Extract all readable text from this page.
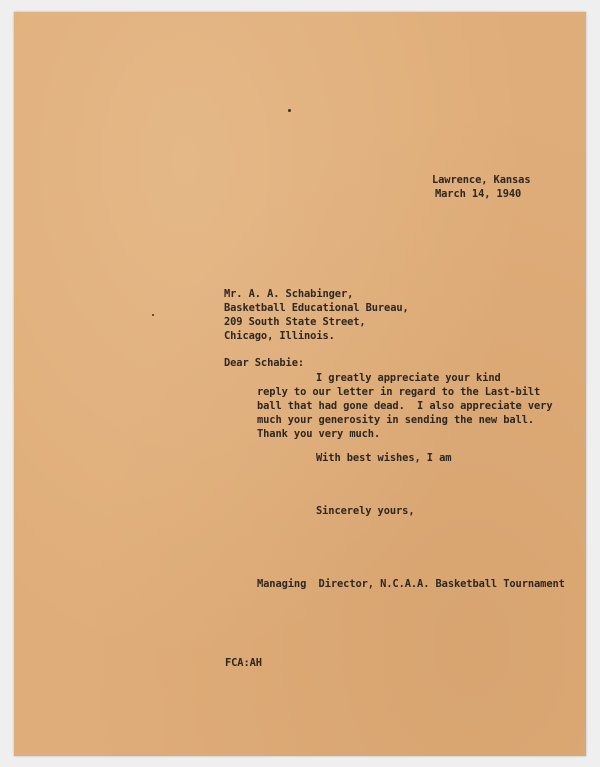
Lawrence, Kansas
March 14, 1940
Mr. A. A. Schabinger,
Basketball Educational Bureau,
209 South State Street,
Chicago, Illinois.
Dear Schabie:
I greatly appreciate your kind
reply to our letter in regard to the Last-bilt
ball that had gone dead.  I also appreciate very
much your generosity in sending the new ball.
Thank you very much.
With best wishes, I am
Sincerely yours,
Managing  Director, N.C.A.A. Basketball Tournament
FCA:AH
